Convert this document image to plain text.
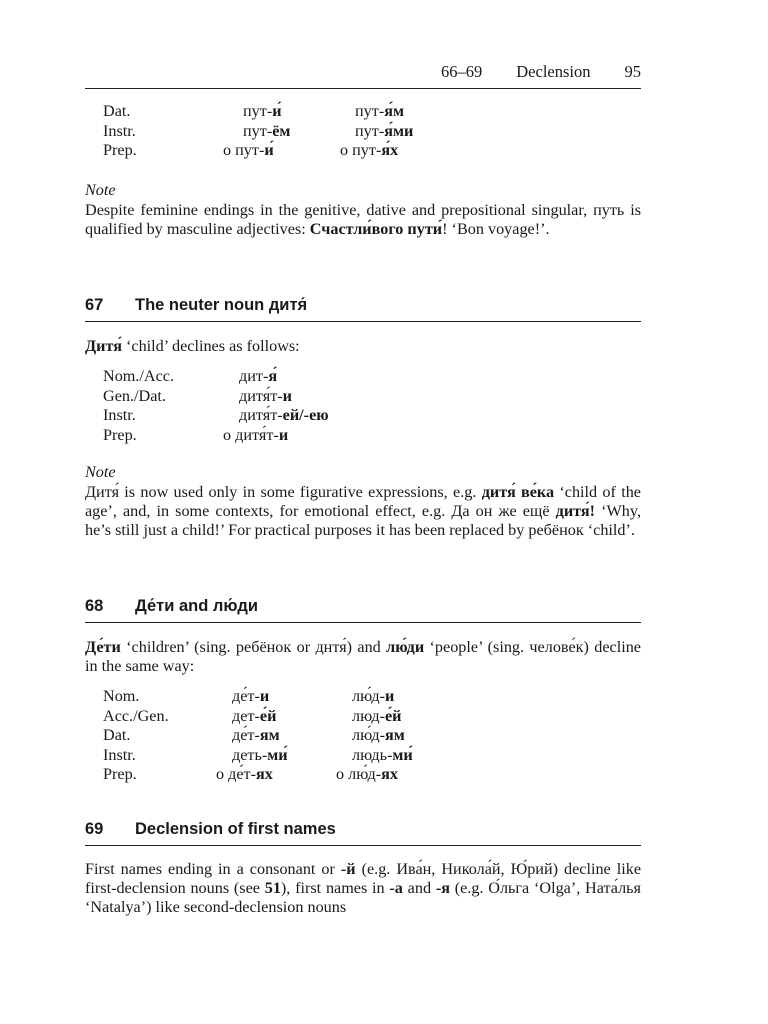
66–69 Declension 95
Dat.	пут-и́	пут-я́м
Instr.	пут-ём	пут-я́ми
Prep.	о пут-и́	о пут-я́х
Note
Despite feminine endings in the genitive, dative and prepositional singular, путь is qualified by masculine adjectives: Счастли́вого пути́! ‘Bon voyage!’.
67 The neuter noun дитя́
Дитя́ ‘child’ declines as follows:
Nom./Acc.	дит-я́
Gen./Dat.	дитя́т-и
Instr.	дитя́т-ей/-ею
Prep.	о дитя́т-и
Note
Дитя́ is now used only in some figurative expressions, e.g. дитя́ ве́ка ‘child of the age’, and, in some contexts, for emotional effect, e.g. Да он же ещё дитя́! ‘Why, he’s still just a child!’ For practical purposes it has been replaced by ребёнок ‘child’.
68 Де́ти and лю́ди
Де́ти ‘children’ (sing. ребёнок or днтя́) and лю́ди ‘people’ (sing. челове́к) decline in the same way:
Nom.	де́т-и	лю́д-и
Acc./Gen.	дет-е́й	люд-е́й
Dat.	де́т-ям	лю́д-ям
Instr.	деть-ми́	людь-ми́
Prep.	о де́т-ях	о лю́д-ях
69 Declension of first names
First names ending in a consonant or -й (e.g. Ива́н, Никола́й, Ю́рий) decline like first-declension nouns (see 51), first names in -а and -я (e.g. О́льга ‘Olga’, Ната́лья ‘Natalya’) like second-declension nouns
